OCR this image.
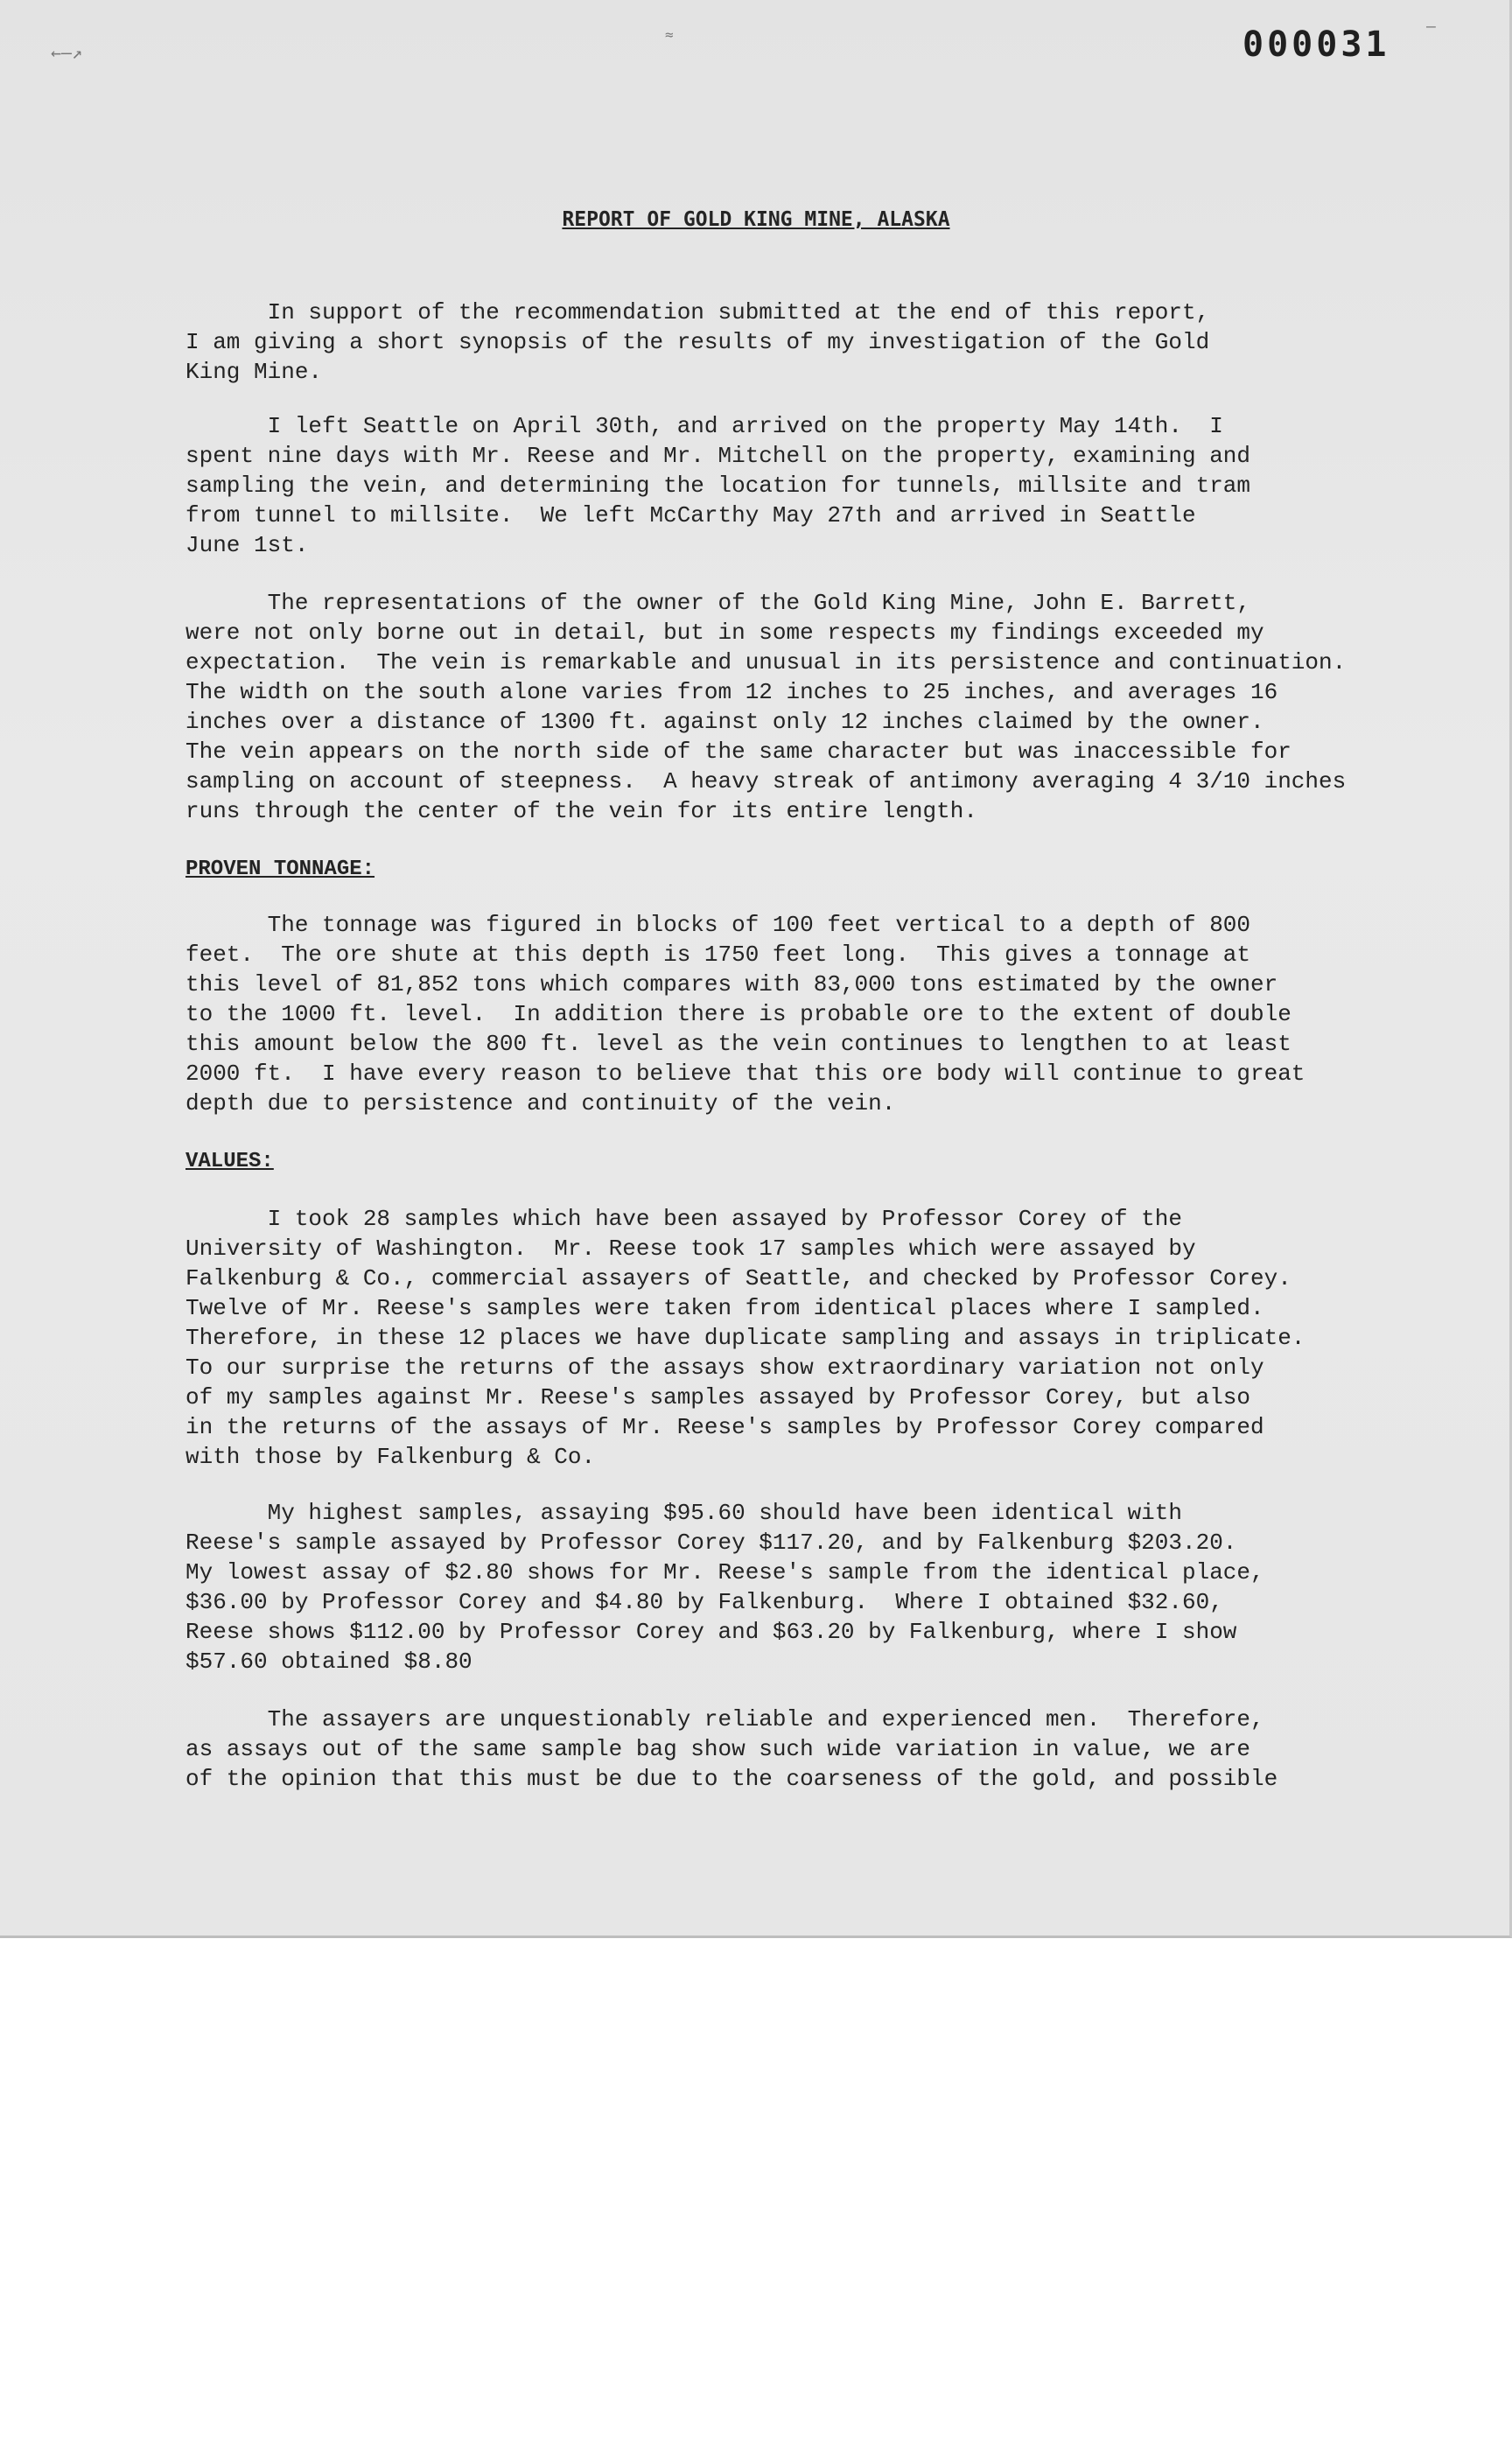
←—↗
≈	—
000031
REPORT OF GOLD KING MINE, ALASKA
In support of the recommendation submitted at the end of this report,
I am giving a short synopsis of the results of my investigation of the Gold
King Mine.
I left Seattle on April 30th, and arrived on the property May 14th.  I
spent nine days with Mr. Reese and Mr. Mitchell on the property, examining and
sampling the vein, and determining the location for tunnels, millsite and tram
from tunnel to millsite.  We left McCarthy May 27th and arrived in Seattle
June 1st.
The representations of the owner of the Gold King Mine, John E. Barrett,
were not only borne out in detail, but in some respects my findings exceeded my
expectation.  The vein is remarkable and unusual in its persistence and continuation.
The width on the south alone varies from 12 inches to 25 inches, and averages 16
inches over a distance of 1300 ft. against only 12 inches claimed by the owner.
The vein appears on the north side of the same character but was inaccessible for
sampling on account of steepness.  A heavy streak of antimony averaging 4 3/10 inches
runs through the center of the vein for its entire length.
PROVEN TONNAGE:
The tonnage was figured in blocks of 100 feet vertical to a depth of 800
feet.  The ore shute at this depth is 1750 feet long.  This gives a tonnage at
this level of 81,852 tons which compares with 83,000 tons estimated by the owner
to the 1000 ft. level.  In addition there is probable ore to the extent of double
this amount below the 800 ft. level as the vein continues to lengthen to at least
2000 ft.  I have every reason to believe that this ore body will continue to great
depth due to persistence and continuity of the vein.
VALUES:
I took 28 samples which have been assayed by Professor Corey of the
University of Washington.  Mr. Reese took 17 samples which were assayed by
Falkenburg & Co., commercial assayers of Seattle, and checked by Professor Corey.
Twelve of Mr. Reese's samples were taken from identical places where I sampled.
Therefore, in these 12 places we have duplicate sampling and assays in triplicate.
To our surprise the returns of the assays show extraordinary variation not only
of my samples against Mr. Reese's samples assayed by Professor Corey, but also
in the returns of the assays of Mr. Reese's samples by Professor Corey compared
with those by Falkenburg & Co.
My highest samples, assaying $95.60 should have been identical with
Reese's sample assayed by Professor Corey $117.20, and by Falkenburg $203.20.
My lowest assay of $2.80 shows for Mr. Reese's sample from the identical place,
$36.00 by Professor Corey and $4.80 by Falkenburg.  Where I obtained $32.60,
Reese shows $112.00 by Professor Corey and $63.20 by Falkenburg, where I show
$57.60 obtained $8.80
The assayers are unquestionably reliable and experienced men.  Therefore,
as assays out of the same sample bag show such wide variation in value, we are
of the opinion that this must be due to the coarseness of the gold, and possible
